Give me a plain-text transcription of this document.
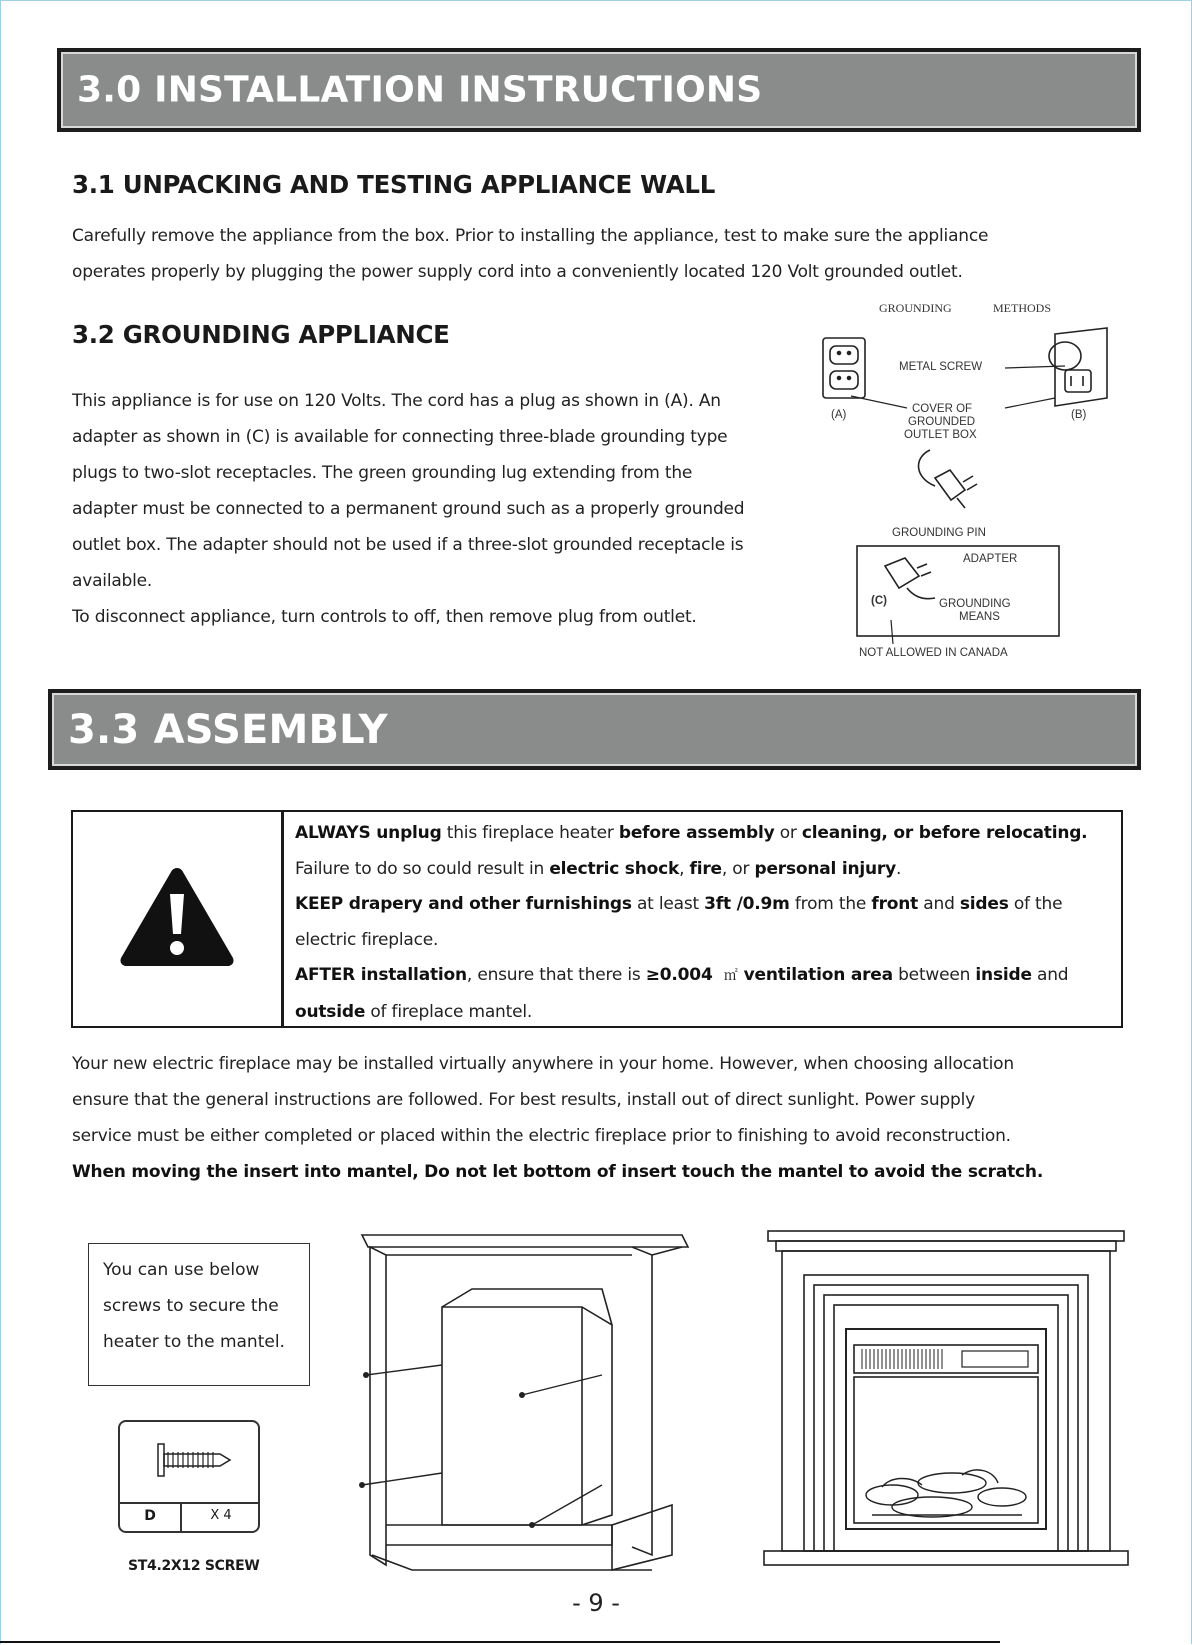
3.0 INSTALLATION INSTRUCTIONS
3.1 UNPACKING AND TESTING APPLIANCE WALL
Carefully remove the appliance from the box. Prior to installing the appliance, test to make sure the appliance
operates properly by plugging the power supply cord into a conveniently located 120 Volt grounded outlet.
3.2 GROUNDING APPLIANCE
This appliance is for use on 120 Volts. The cord has a plug as shown in (A). An
adapter as shown in (C) is available for connecting three-blade grounding type
plugs to two-slot receptacles. The green grounding lug extending from the
adapter must be connected to a permanent ground such as a properly grounded
outlet box. The adapter should not be used if a three-slot grounded receptacle is
available.
To disconnect appliance, turn controls to off, then remove plug from outlet.
GROUNDING	METHODS
(A)	(B)
METAL SCREW
COVER OF
GROUNDED
OUTLET BOX
GROUNDING PIN
ADAPTER
(C)	GROUNDING
MEANS
NOT ALLOWED IN CANADA
3.3 ASSEMBLY
ALWAYS unplug this fireplace heater before assembly or cleaning, or before relocating.
Failure to do so could result in electric shock, fire, or personal injury.
KEEP drapery and other furnishings at least 3ft /0.9m from the front and sides of the
electric fireplace.
AFTER installation, ensure that there is ≥0.004 ㎡ ventilation area between inside and
outside of fireplace mantel.
Your new electric fireplace may be installed virtually anywhere in your home. However, when choosing allocation
ensure that the general instructions are followed. For best results, install out of direct sunlight. Power supply
service must be either completed or placed within the electric fireplace prior to finishing to avoid reconstruction.
When moving the insert into mantel, Do not let bottom of insert touch the mantel to avoid the scratch.
You can use below
screws to secure the
heater to the mantel.
D	X 4
ST4.2X12 SCREW
- 9 -
